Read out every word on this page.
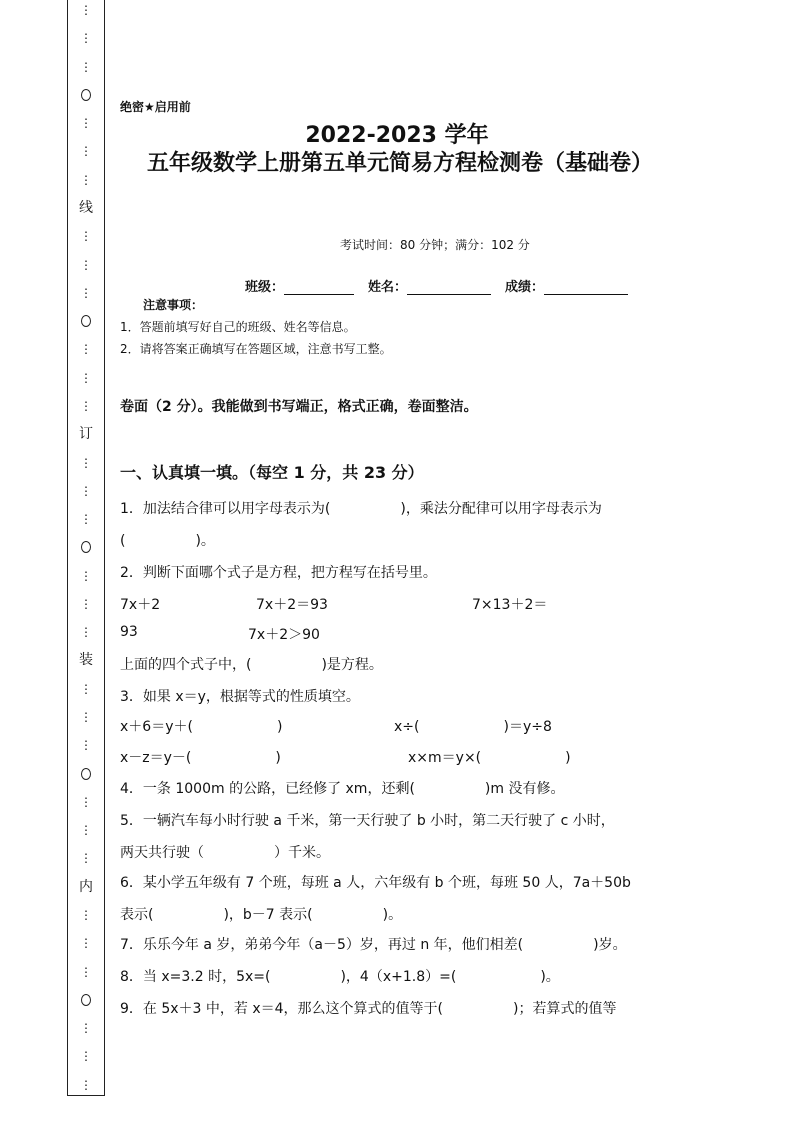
⋮
⋮
⋮
⋮
⋮
⋮
线
⋮
⋮
⋮
⋮
⋮
⋮
订
⋮
⋮
⋮
⋮
⋮
⋮
装
⋮
⋮
⋮
⋮
⋮
⋮
内
⋮
⋮
⋮
⋮
⋮
⋮
绝密★启用前
2022-2023 学年
五年级数学上册第五单元简易方程检测卷（基础卷）
考试时间：80 分钟；满分：102 分
班级：	姓名：	成绩：
注意事项：
1．答题前填写好自己的班级、姓名等信息。
2．请将答案正确填写在答题区域，注意书写工整。
卷面（2 分）。我能做到书写端正，格式正确，卷面整洁。
一、认真填一填。（每空 1 分，共 23 分）
1．加法结合律可以用字母表示为(　　　　　)，乘法分配律可以用字母表示为
(　　　　　)。
2．判断下面哪个式子是方程，把方程写在括号里。
7x＋2	7x＋2＝93	7×13＋2＝
93	7x＋2＞90
上面的四个式子中，(　　　　　)是方程。
3．如果 x＝y，根据等式的性质填空。
x＋6＝y＋(　　　　　　)	x÷(　　　　　　)＝y÷8
x－z＝y－(　　　　　　)	x×m＝y×(　　　　　　)
4．一条 1000m 的公路，已经修了 xm，还剩(　　　　　)m 没有修。
5．一辆汽车每小时行驶 a 千米，第一天行驶了 b 小时，第二天行驶了 c 小时，
两天共行驶（　　　　　）千米。
6．某小学五年级有 7 个班，每班 a 人，六年级有 b 个班，每班 50 人，7a＋50b
表示(　　　　　)，b－7 表示(　　　　　)。
7．乐乐今年 a 岁，弟弟今年（a－5）岁，再过 n 年，他们相差(　　　　　)岁。
8．当 x=3.2 时，5x=(　　　　　)，4（x+1.8）=(　　　　　　)。
9．在 5x＋3 中，若 x＝4，那么这个算式的值等于(　　　　　)；若算式的值等
